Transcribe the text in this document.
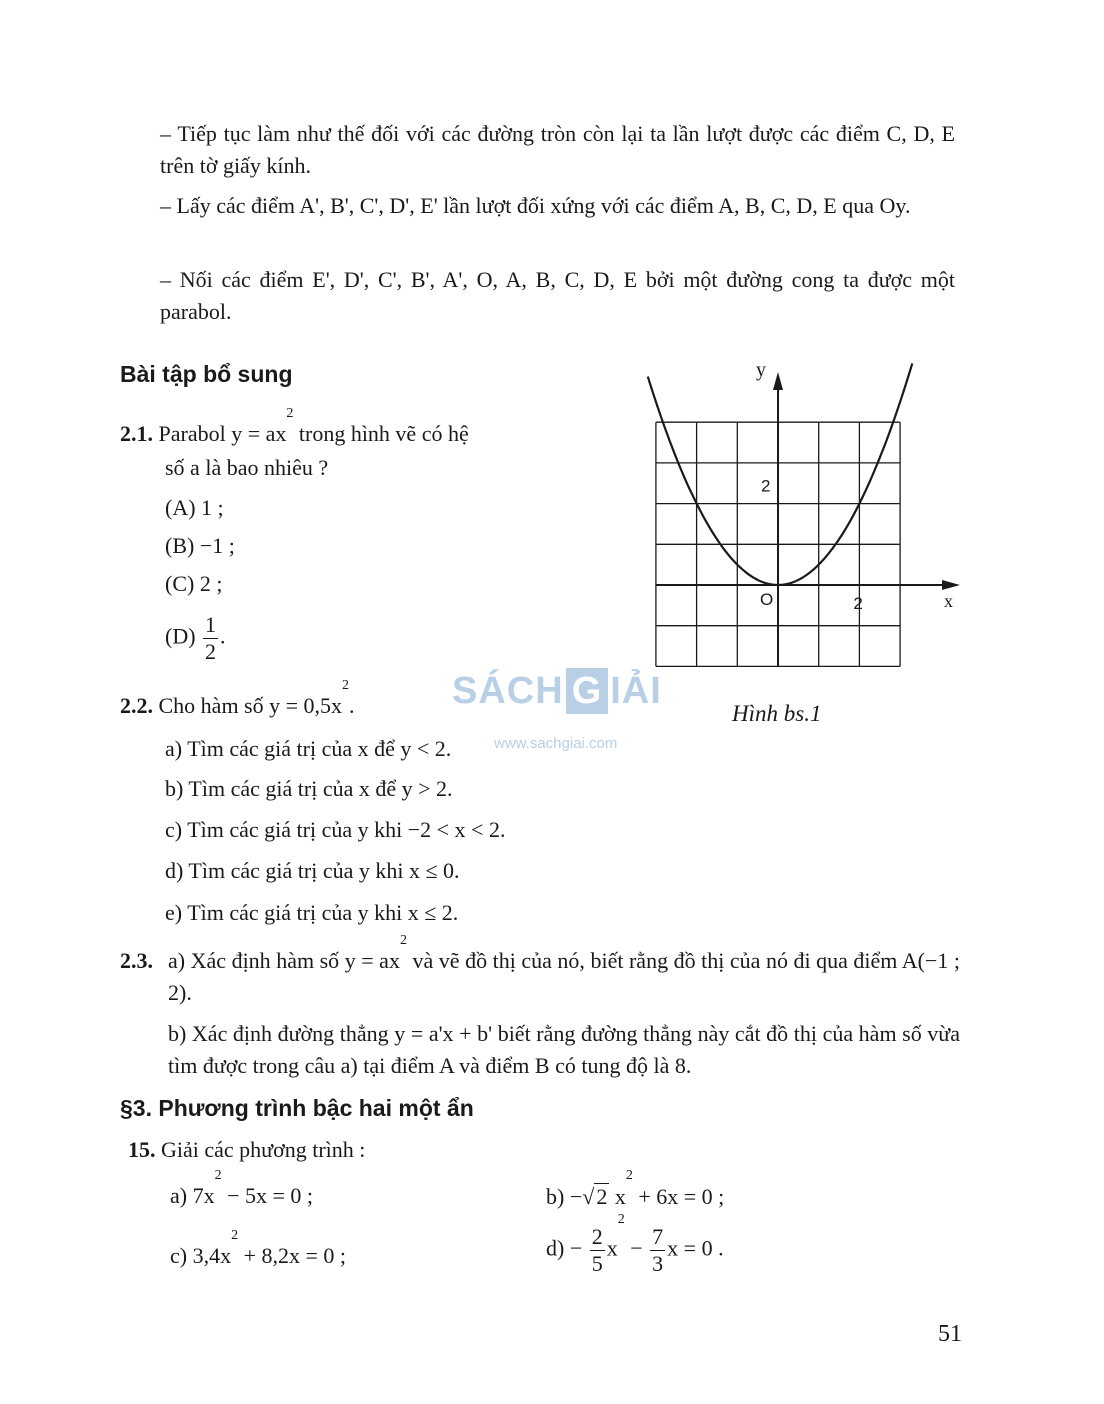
– Tiếp tục làm như thế đối với các đường tròn còn lại ta lần lượt được các điểm C, D, E trên tờ giấy kính.
– Lấy các điểm A', B', C', D', E' lần lượt đối xứng với các điểm A, B, C, D, E qua Oy.
– Nối các điểm E', D', C', B', A', O, A, B, C, D, E bởi một đường cong ta được một parabol.
Bài tập bổ sung
2.1. Parabol $y = ax^2$ trong hình vẽ có hệ
số a là bao nhiêu ?
(A) 1 ;
(B) −1 ;
(C) 2 ;
$(D) \frac{1}{2}$ .
2.2. Cho hàm số $y = 0,5x^2$.
a) Tìm các giá trị của x để y < 2.
b) Tìm các giá trị của x để y > 2.
c) Tìm các giá trị của y khi −2 < x < 2.
d) Tìm các giá trị của y khi x ≤ 0.
e) Tìm các giá trị của y khi x ≤ 2.
2.3. a) Xác định hàm số $y = ax^2$ và vẽ đồ thị của nó, biết rằng đồ thị của nó đi qua điểm A(−1 ; 2).
b) Xác định đường thẳng y = a'x + b' biết rằng đường thẳng này cắt đồ thị của hàm số vừa tìm được trong câu a) tại điểm A và điểm B có tung độ là 8.
§3. Phương trình bậc hai một ẩn
15. Giải các phương trình :
a) $7x^2 - 5x = 0$ ;	b) −√2 $x^2 + 6x = 0$ ;
c) $3,4x^2 + 8,2x = 0$ ;	$d) - \frac{2}{5} x^2 - \frac{7}{3}$ x = 0 .
y
x
O
2
2
Hình bs.1
SÁCH G IẢI
www.sachgiai.com
51
